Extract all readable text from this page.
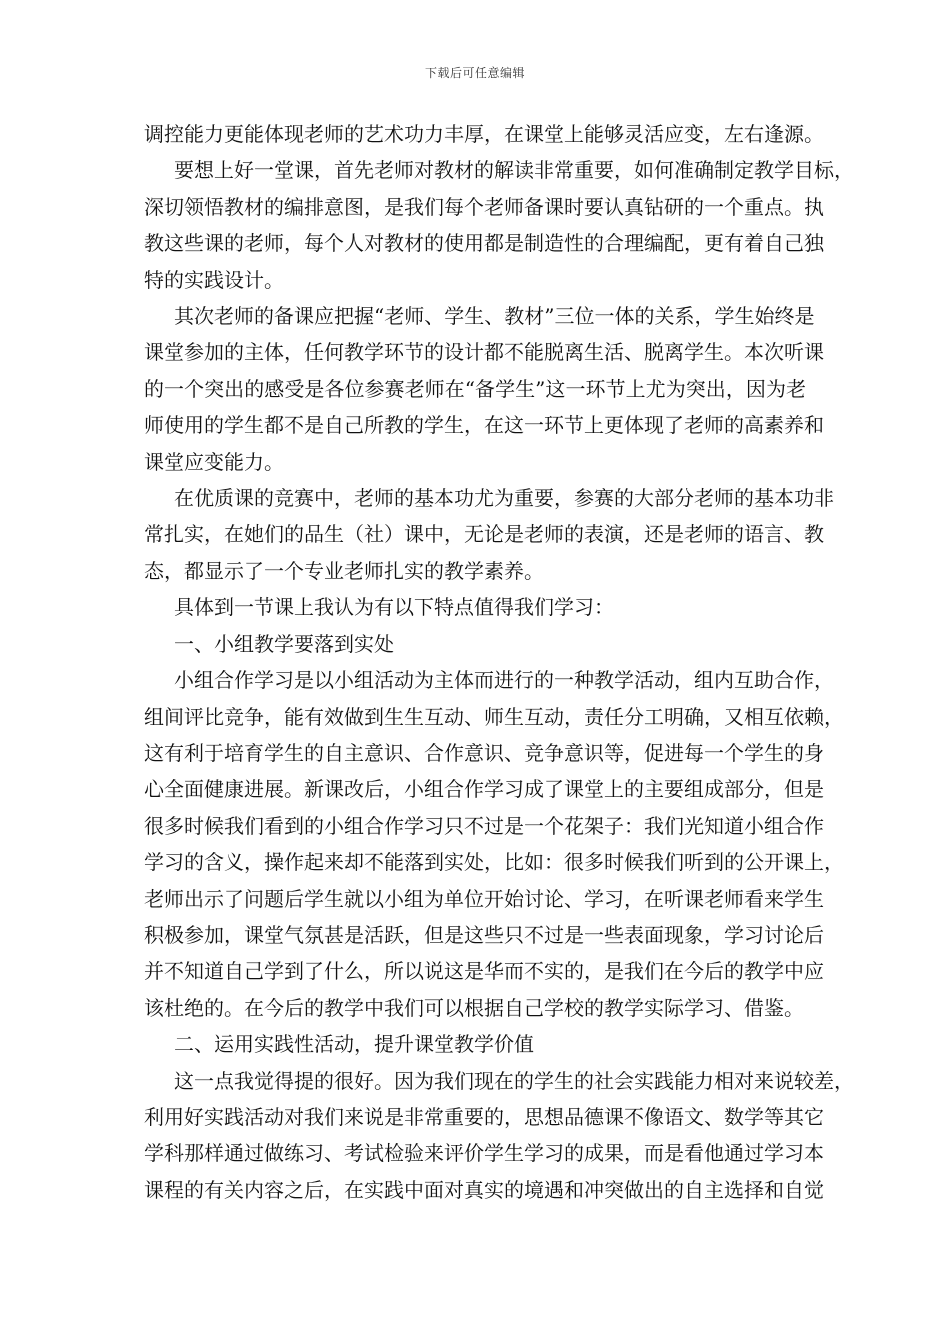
下载后可任意编辑

调控能力更能体现老师的艺术功力丰厚，在课堂上能够灵活应变，左右逢源。

要想上好一堂课，首先老师对教材的解读非常重要，如何准确制定教学目标，

深切领悟教材的编排意图，是我们每个老师备课时要认真钻研的一个重点。执

教这些课的老师，每个人对教材的使用都是制造性的合理编配，更有着自己独

特的实践设计。

其次老师的备课应把握“老师、学生、教材”三位一体的关系，学生始终是

课堂参加的主体，任何教学环节的设计都不能脱离生活、脱离学生。本次听课

的一个突出的感受是各位参赛老师在“备学生”这一环节上尤为突出，因为老

师使用的学生都不是自己所教的学生，在这一环节上更体现了老师的高素养和

课堂应变能力。

在优质课的竞赛中，老师的基本功尤为重要，参赛的大部分老师的基本功非

常扎实，在她们的品生（社）课中，无论是老师的表演，还是老师的语言、教

态，都显示了一个专业老师扎实的教学素养。

具体到一节课上我认为有以下特点值得我们学习：

一、小组教学要落到实处

小组合作学习是以小组活动为主体而进行的一种教学活动，组内互助合作，

组间评比竞争，能有效做到生生互动、师生互动，责任分工明确，又相互依赖，

这有利于培育学生的自主意识、合作意识、竞争意识等，促进每一个学生的身

心全面健康进展。新课改后，小组合作学习成了课堂上的主要组成部分，但是

很多时候我们看到的小组合作学习只不过是一个花架子：我们光知道小组合作

学习的含义，操作起来却不能落到实处，比如：很多时候我们听到的公开课上，

老师出示了问题后学生就以小组为单位开始讨论、学习，在听课老师看来学生

积极参加，课堂气氛甚是活跃，但是这些只不过是一些表面现象，学习讨论后

并不知道自己学到了什么，所以说这是华而不实的，是我们在今后的教学中应

该杜绝的。在今后的教学中我们可以根据自己学校的教学实际学习、借鉴。

二、运用实践性活动，提升课堂教学价值

这一点我觉得提的很好。因为我们现在的学生的社会实践能力相对来说较差，

利用好实践活动对我们来说是非常重要的，思想品德课不像语文、数学等其它

学科那样通过做练习、考试检验来评价学生学习的成果，而是看他通过学习本

课程的有关内容之后，在实践中面对真实的境遇和冲突做出的自主选择和自觉
